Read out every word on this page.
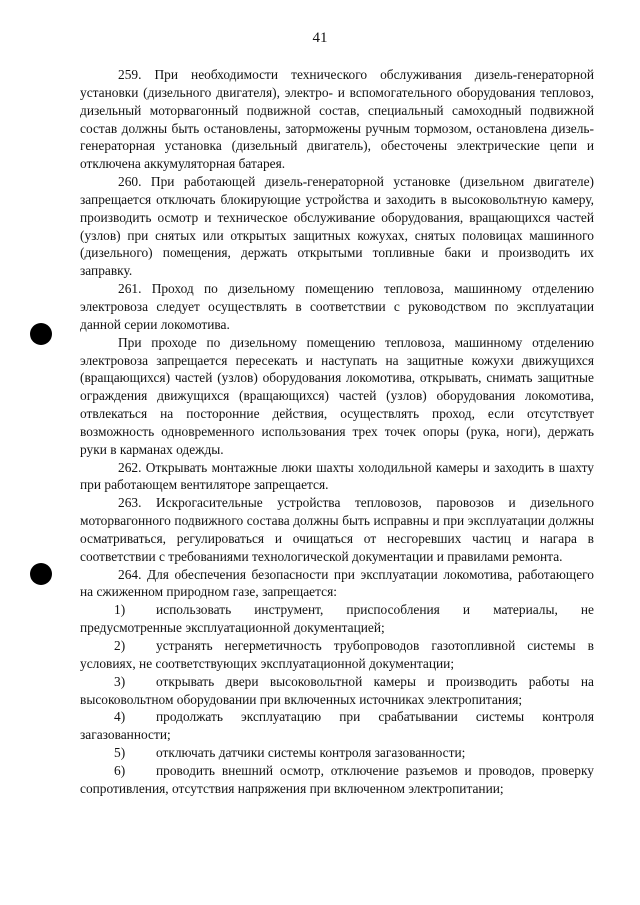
41

259. При необходимости технического обслуживания дизель-генераторной установки (дизельного двигателя), электро- и вспомогательного оборудования тепловоз, дизельный моторвагонный подвижной состав, специальный самоходный подвижной состав должны быть остановлены, заторможены ручным тормозом, остановлена дизель-генераторная установка (дизельный двигатель), обесточены электрические цепи и отключена аккумуляторная батарея.

260. При работающей дизель-генераторной установке (дизельном двигателе) запрещается отключать блокирующие устройства и заходить в высоковольтную камеру, производить осмотр и техническое обслуживание оборудования, вращающихся частей (узлов) при снятых или открытых защитных кожухах, снятых половицах машинного (дизельного) помещения, держать открытыми топливные баки и производить их заправку.

261. Проход по дизельному помещению тепловоза, машинному отделению электровоза следует осуществлять в соответствии с руководством по эксплуатации данной серии локомотива.

При проходе по дизельному помещению тепловоза, машинному отделению электровоза запрещается пересекать и наступать на защитные кожухи движущихся (вращающихся) частей (узлов) оборудования локомотива, открывать, снимать защитные ограждения движущихся (вращающихся) частей (узлов) оборудования локомотива, отвлекаться на посторонние действия, осуществлять проход, если отсутствует возможность одновременного использования трех точек опоры (рука, ноги), держать руки в карманах одежды.

262. Открывать монтажные люки шахты холодильной камеры и заходить в шахту при работающем вентиляторе запрещается.

263. Искрогасительные устройства тепловозов, паровозов и дизельного моторвагонного подвижного состава должны быть исправны и при эксплуатации должны осматриваться, регулироваться и очищаться от несгоревших частиц и нагара в соответствии с требованиями технологической документации и правилами ремонта.

264. Для обеспечения безопасности при эксплуатации локомотива, работающего на сжиженном природном газе, запрещается:

1) использовать инструмент, приспособления и материалы, не предусмотренные эксплуатационной документацией;

2) устранять негерметичность трубопроводов газотопливной системы в условиях, не соответствующих эксплуатационной документации;

3) открывать двери высоковольтной камеры и производить работы на высоковольтном оборудовании при включенных источниках электропитания;

4) продолжать эксплуатацию при срабатывании системы контроля загазованности;

5) отключать датчики системы контроля загазованности;

6) проводить внешний осмотр, отключение разъемов и проводов, проверку сопротивления, отсутствия напряжения при включенном электропитании;
